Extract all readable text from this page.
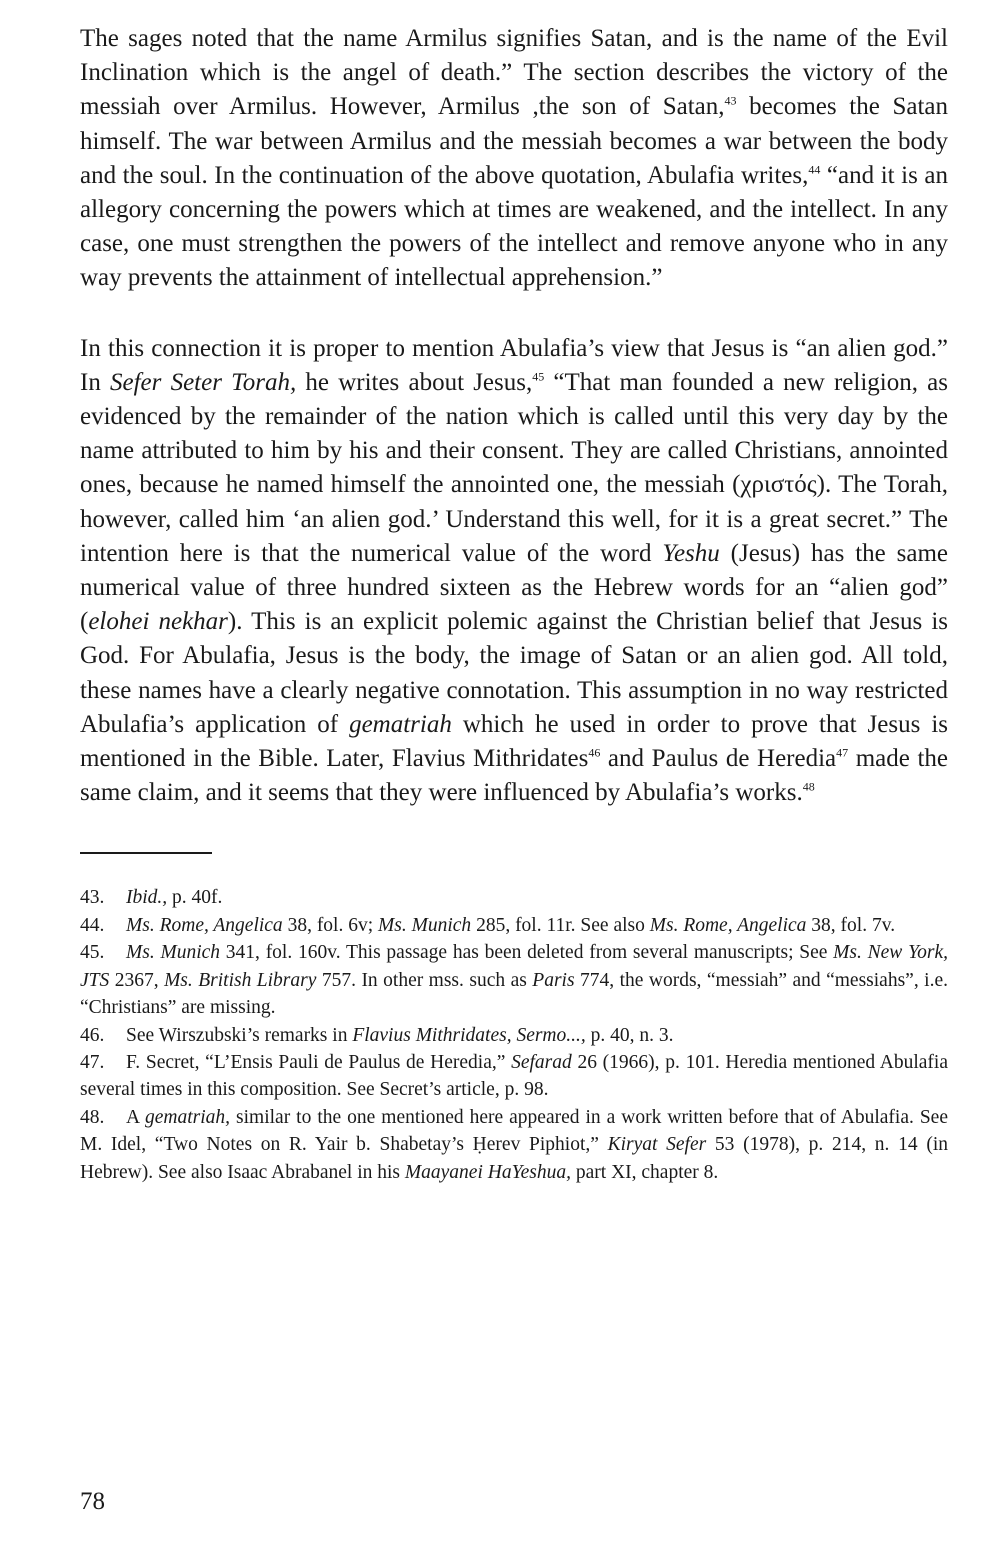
The sages noted that the name Armilus signifies Satan, and is the name of the Evil Inclination which is the angel of death.” The section describes the victory of the messiah over Armilus. However, Armilus ,the son of Satan,$^{43}$ becomes the Satan himself. The war between Armilus and the messiah becomes a war between the body and the soul. In the continuation of the above quotation, Abulafia writes,$^{44}$ “and it is an allegory concerning the powers which at times are weakened, and the intellect. In any case, one must strengthen the powers of the intellect and remove anyone who in any way prevents the attainment of intellectual apprehension.”

In this connection it is proper to mention Abulafia’s view that Jesus is “an alien god.” In Sefer Seter Torah, he writes about Jesus,$^{45}$ “That man founded a new religion, as evidenced by the remainder of the nation which is called until this very day by the name attributed to him by his and their consent. They are called Christians, annointed ones, because he named himself the annointed one, the messiah (χριστός). The Torah, however, called him ‘an alien god.’ Understand this well, for it is a great secret.” The intention here is that the numerical value of the word Yeshu (Jesus) has the same numerical value of three hundred sixteen as the Hebrew words for an “alien god” (elohei nekhar). This is an explicit polemic against the Christian belief that Jesus is God. For Abulafia, Jesus is the body, the image of Satan or an alien god. All told, these names have a clearly negative connotation. This assumption in no way restricted Abulafia’s application of gematriah which he used in order to prove that Jesus is mentioned in the Bible. Later, Flavius Mithridates$^{46}$ and Paulus de Heredia$^{47}$ made the same claim, and it seems that they were influenced by Abulafia’s works.$^{48}$

43. Ibid., p. 40f.

44. Ms. Rome, Angelica 38, fol. 6v; Ms. Munich 285, fol. 11r. See also Ms. Rome, Angelica 38, fol. 7v.

45. Ms. Munich 341, fol. 160v. This passage has been deleted from several manuscripts; See Ms. New York, JTS 2367, Ms. British Library 757. In other mss. such as Paris 774, the words, “messiah” and “messiahs”, i.e. “Christians” are missing.

46. See Wirszubski’s remarks in Flavius Mithridates, Sermo..., p. 40, n. 3.

47. F. Secret, “L’Ensis Pauli de Paulus de Heredia,” Sefarad 26 (1966), p. 101. Heredia mentioned Abulafia several times in this composition. See Secret’s article, p. 98.

48. A gematriah, similar to the one mentioned here appeared in a work written before that of Abulafia. See M. Idel, “Two Notes on R. Yair b. Shabetay’s Ḥerev Piphiot,” Kiryat Sefer 53 (1978), p. 214, n. 14 (in Hebrew). See also Isaac Abrabanel in his Maayanei HaYeshua, part XI, chapter 8.

78
